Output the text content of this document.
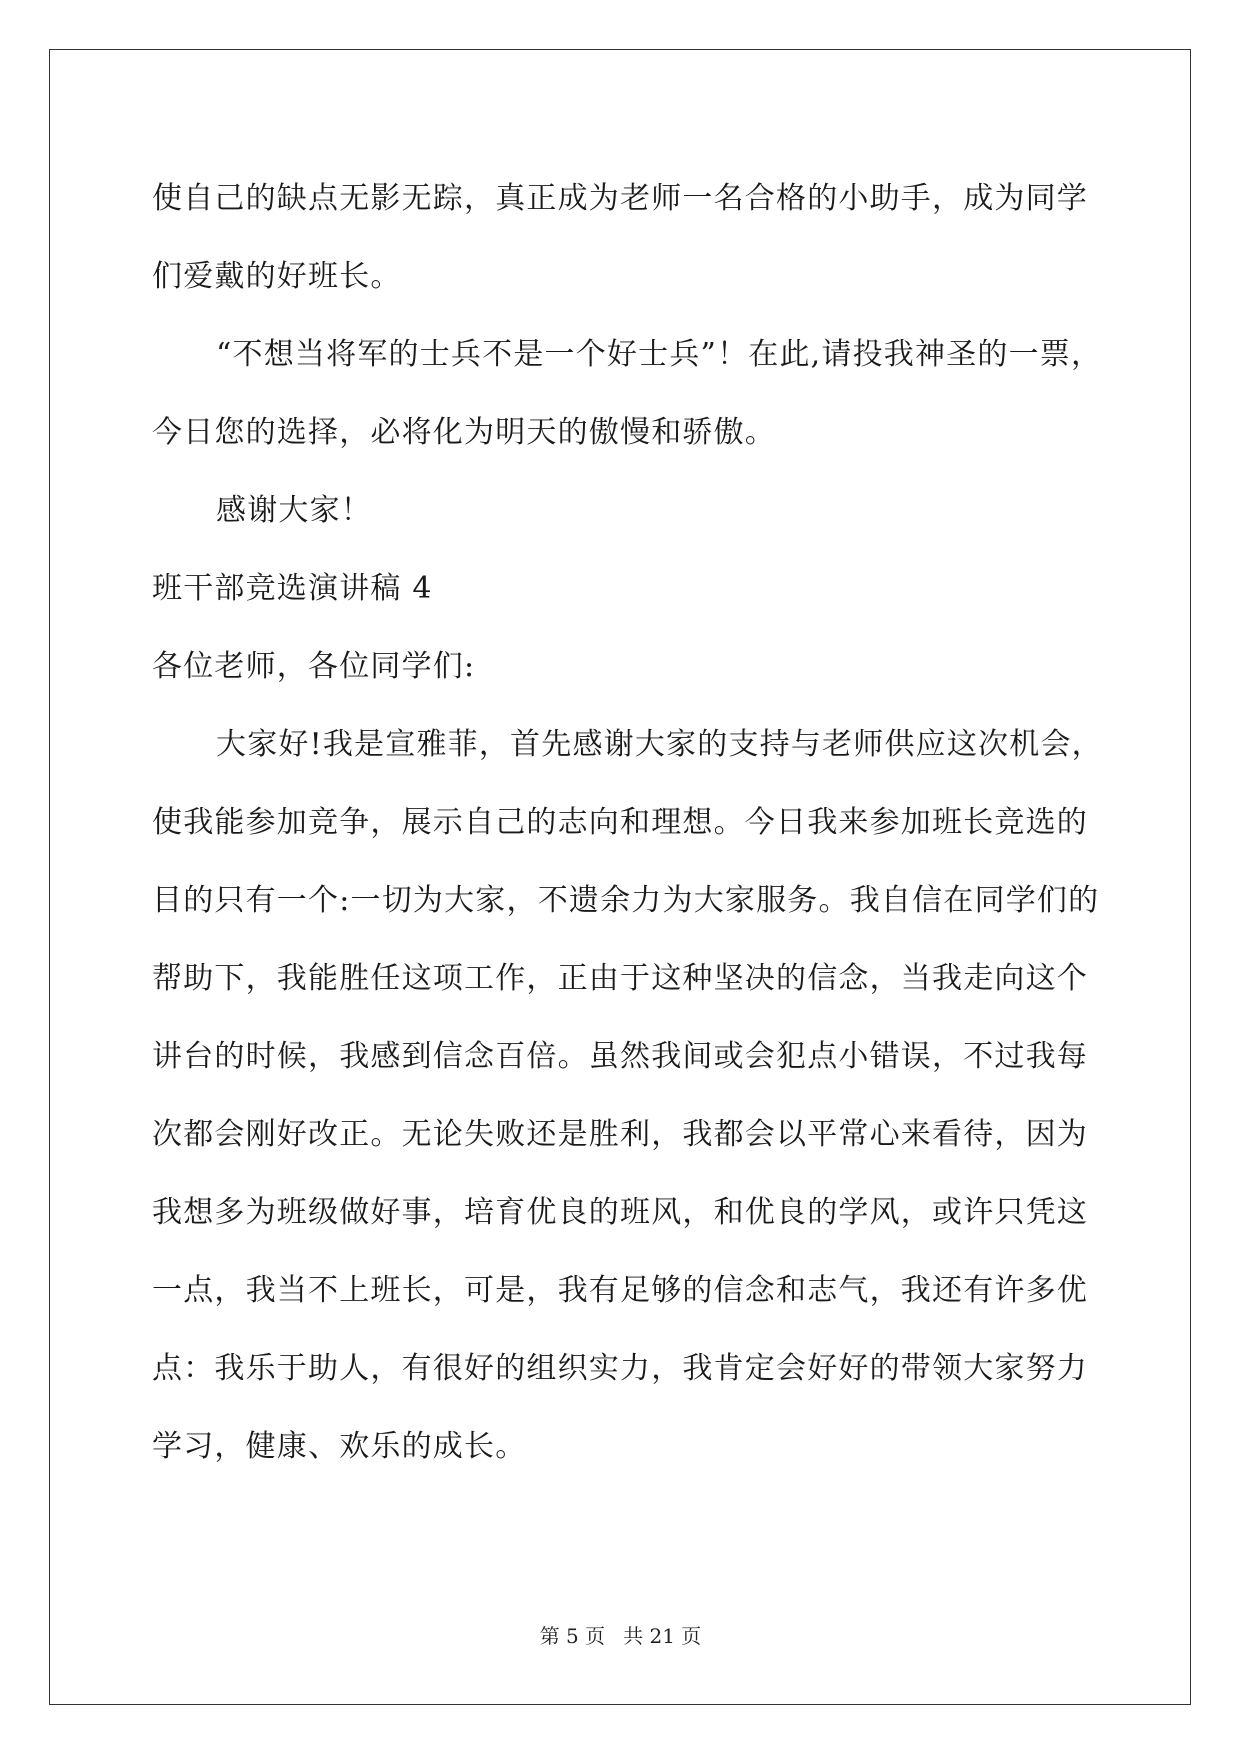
使自己的缺点无影无踪，真正成为老师一名合格的小助手，成为同学
们爱戴的好班长。
“不想当将军的士兵不是一个好士兵”！在此,请投我神圣的一票，
今日您的选择，必将化为明天的傲慢和骄傲。
感谢大家！
班干部竞选演讲稿 4
各位老师，各位同学们:
大家好!我是宣雅菲，首先感谢大家的支持与老师供应这次机会，
使我能参加竞争，展示自己的志向和理想。今日我来参加班长竞选的
目的只有一个:一切为大家，不遗余力为大家服务。我自信在同学们的
帮助下，我能胜任这项工作，正由于这种坚决的信念，当我走向这个
讲台的时候，我感到信念百倍。虽然我间或会犯点小错误，不过我每
次都会刚好改正。无论失败还是胜利，我都会以平常心来看待，因为
我想多为班级做好事，培育优良的班风，和优良的学风，或许只凭这
一点，我当不上班长，可是，我有足够的信念和志气，我还有许多优
点：我乐于助人，有很好的组织实力，我肯定会好好的带领大家努力
学习，健康、欢乐的成长。
第 5 页 共 21 页
